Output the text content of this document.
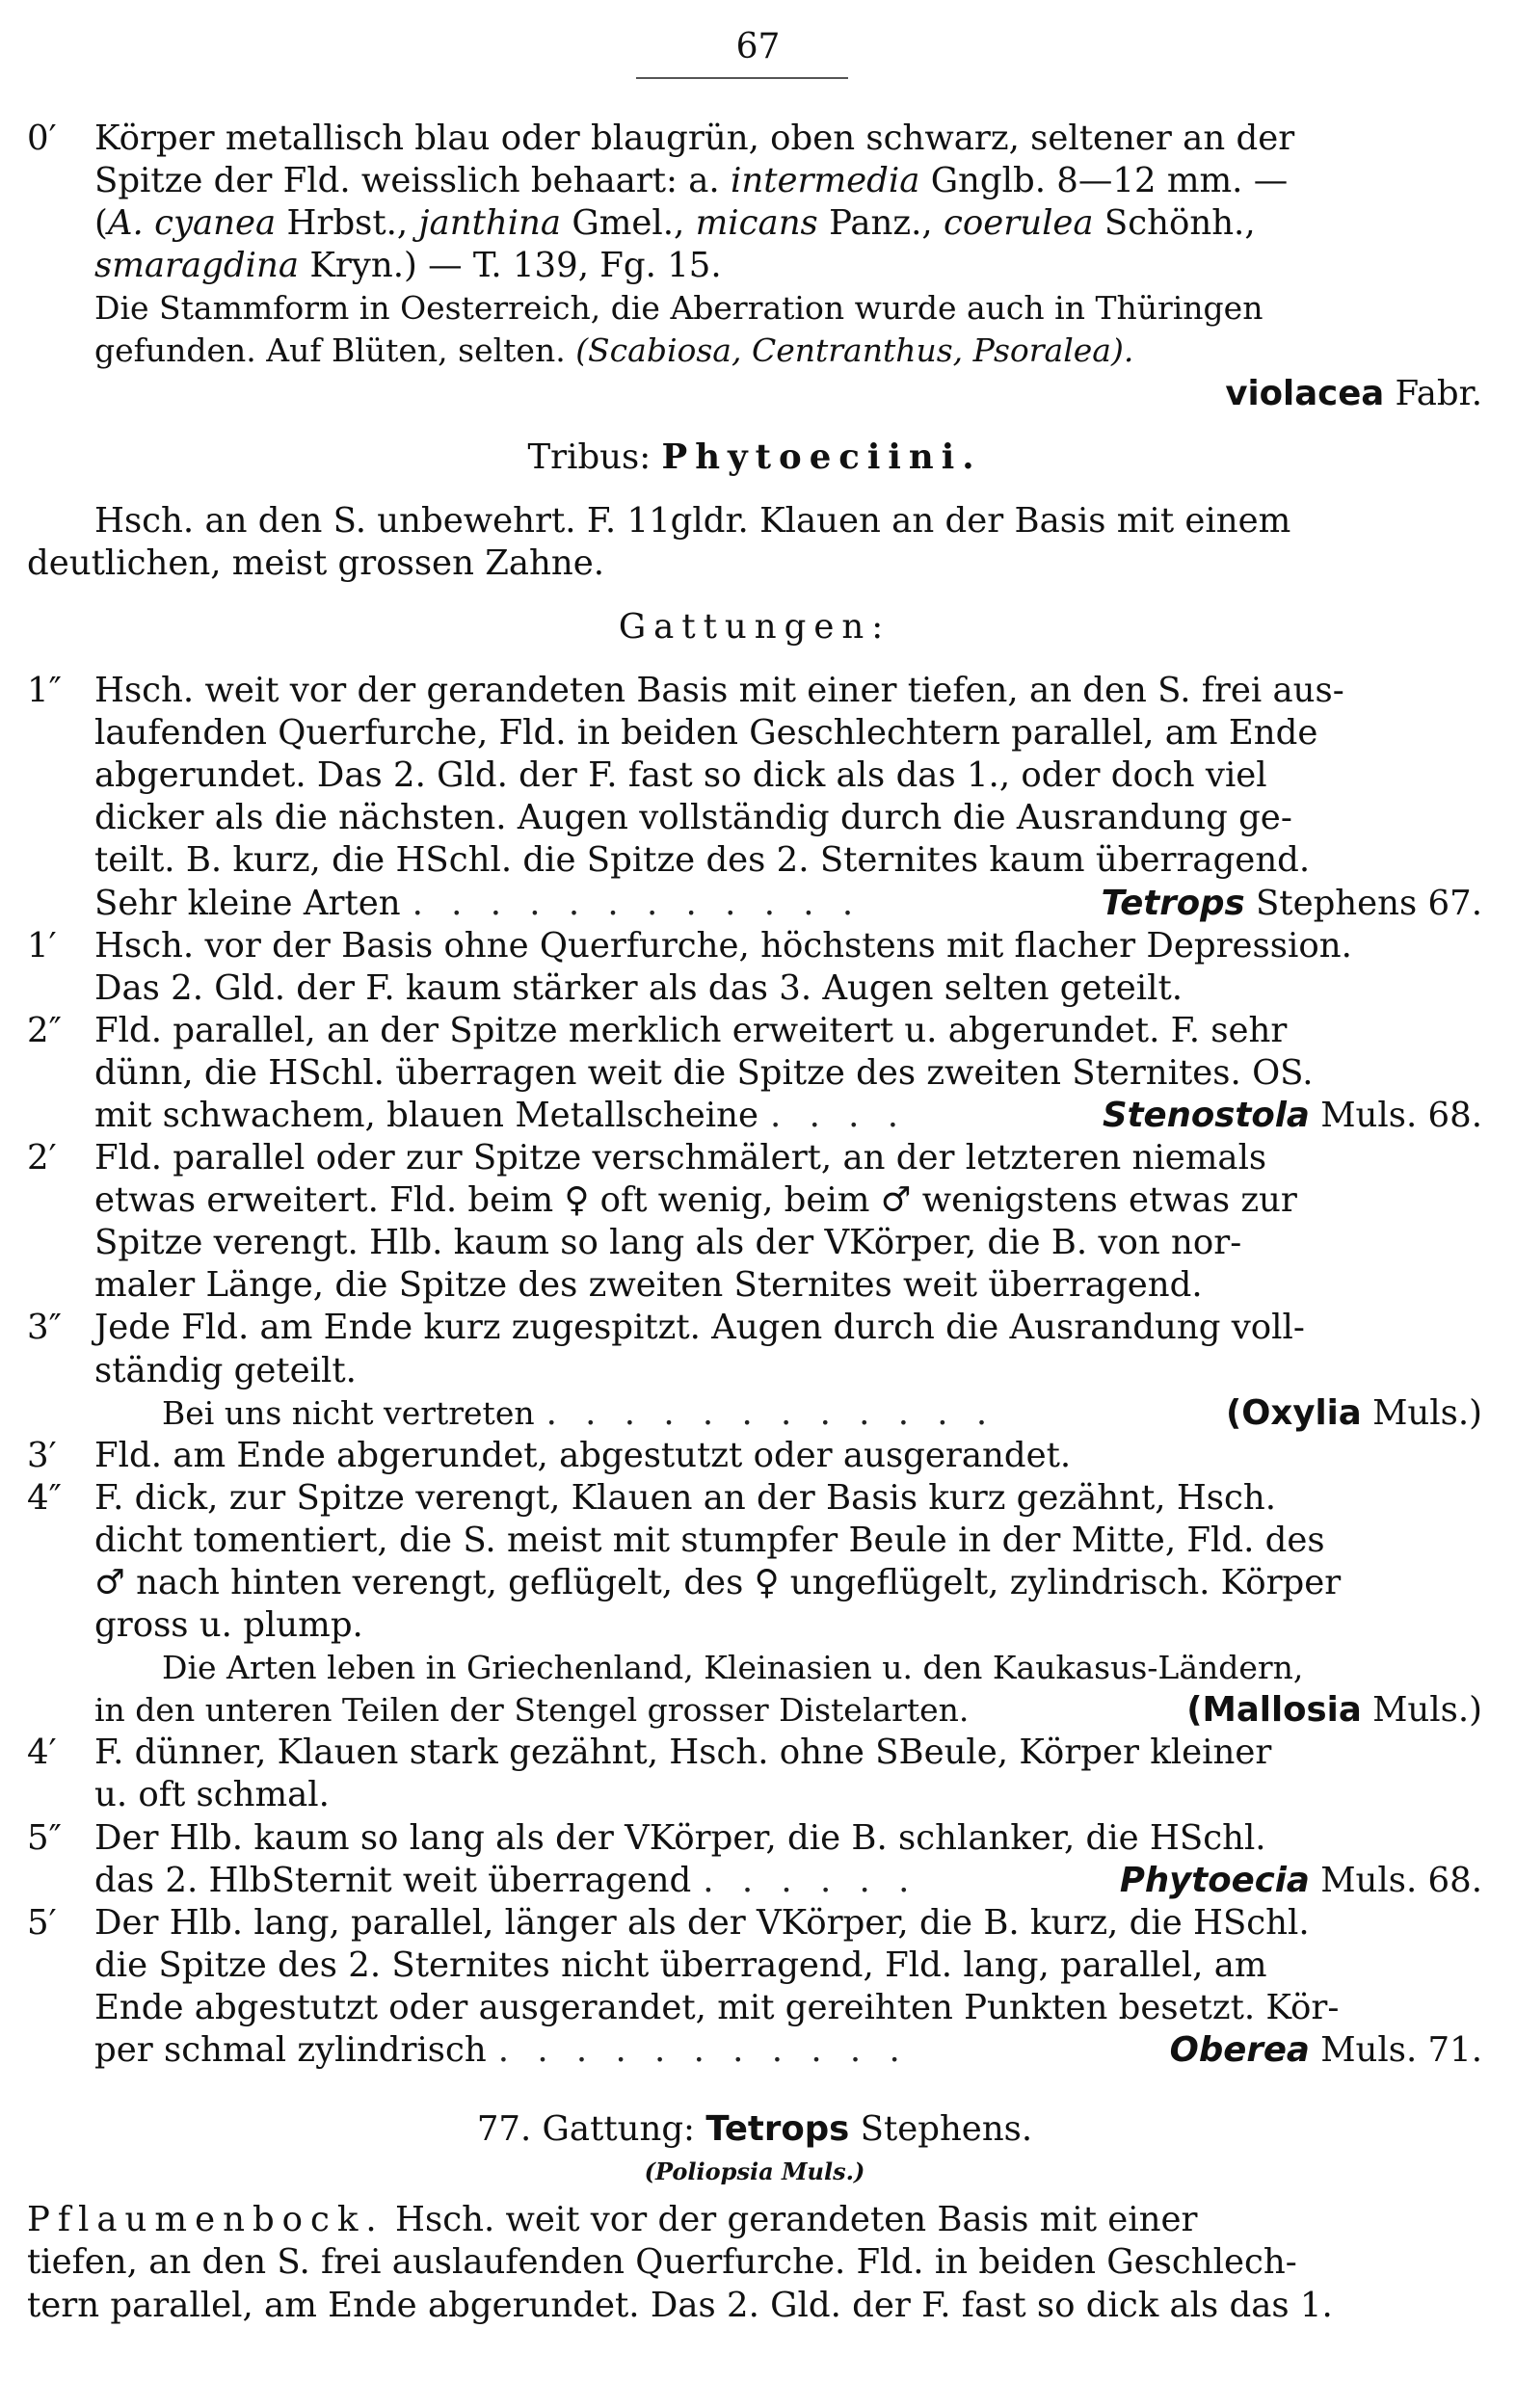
67
0′	Körper metallisch blau oder blaugrün, oben schwarz, seltener an der
Spitze der Fld. weisslich behaart: a. intermedia Gnglb. 8—12 mm. —
(A. cyanea Hrbst., janthina Gmel., micans Panz., coerulea Schönh.,
smaragdina Kryn.) — T. 139, Fg. 15.
Die Stammform in Oesterreich, die Aberration wurde auch in Thüringen
gefunden. Auf Blüten, selten. (Scabiosa, Centranthus, Psoralea).
violacea Fabr.
Tribus: Phytoeciini.
Hsch. an den S. unbewehrt. F. 11gldr. Klauen an der Basis mit einem
deutlichen, meist grossen Zahne.
Gattungen:
1″ Hsch. weit vor der gerandeten Basis mit einer tiefen, an den S. frei aus-
laufenden Querfurche, Fld. in beiden Geschlechtern parallel, am Ende
abgerundet. Das 2. Gld. der F. fast so dick als das 1., oder doch viel
dicker als die nächsten. Augen vollständig durch die Ausrandung ge-
teilt. B. kurz, die HSchl. die Spitze des 2. Sternites kaum überragend.
Sehr kleine Arten . . . . . . . . . . . .	Tetrops Stephens 67.
1′	Hsch. vor der Basis ohne Querfurche, höchstens mit flacher Depression.
Das 2. Gld. der F. kaum stärker als das 3. Augen selten geteilt.
2″ Fld. parallel, an der Spitze merklich erweitert u. abgerundet. F. sehr
dünn, die HSchl. überragen weit die Spitze des zweiten Sternites. OS.
mit schwachem, blauen Metallscheine . . . .	Stenostola Muls. 68.
2′	Fld. parallel oder zur Spitze verschmälert, an der letzteren niemals
etwas erweitert. Fld. beim ♀ oft wenig, beim ♂ wenigstens etwas zur
Spitze verengt. Hlb. kaum so lang als der VKörper, die B. von nor-
maler Länge, die Spitze des zweiten Sternites weit überragend.
3″ Jede Fld. am Ende kurz zugespitzt. Augen durch die Ausrandung voll-
ständig geteilt.
Bei uns nicht vertreten . . . . . . . . . . . .	(Oxylia Muls.)
3′	Fld. am Ende abgerundet, abgestutzt oder ausgerandet.
4″ F. dick, zur Spitze verengt, Klauen an der Basis kurz gezähnt, Hsch.
dicht tomentiert, die S. meist mit stumpfer Beule in der Mitte, Fld. des
♂ nach hinten verengt, geflügelt, des ♀ ungeflügelt, zylindrisch. Körper
gross u. plump.
Die Arten leben in Griechenland, Kleinasien u. den Kaukasus-Ländern,
in den unteren Teilen der Stengel grosser Distelarten.	(Mallosia Muls.)
4′	F. dünner, Klauen stark gezähnt, Hsch. ohne SBeule, Körper kleiner
u. oft schmal.
5″ Der Hlb. kaum so lang als der VKörper, die B. schlanker, die HSchl.
das 2. HlbSternit weit überragend . . . . . .	Phytoecia Muls. 68.
5′	Der Hlb. lang, parallel, länger als der VKörper, die B. kurz, die HSchl.
die Spitze des 2. Sternites nicht überragend, Fld. lang, parallel, am
Ende abgestutzt oder ausgerandet, mit gereihten Punkten besetzt. Kör-
per schmal zylindrisch . . . . . . . . . . .	Oberea Muls. 71.
77. Gattung: Tetrops Stephens.
(Poliopsia Muls.)
Pflaumenbock. Hsch. weit vor der gerandeten Basis mit einer
tiefen, an den S. frei auslaufenden Querfurche. Fld. in beiden Geschlech-
tern parallel, am Ende abgerundet. Das 2. Gld. der F. fast so dick als das 1.
